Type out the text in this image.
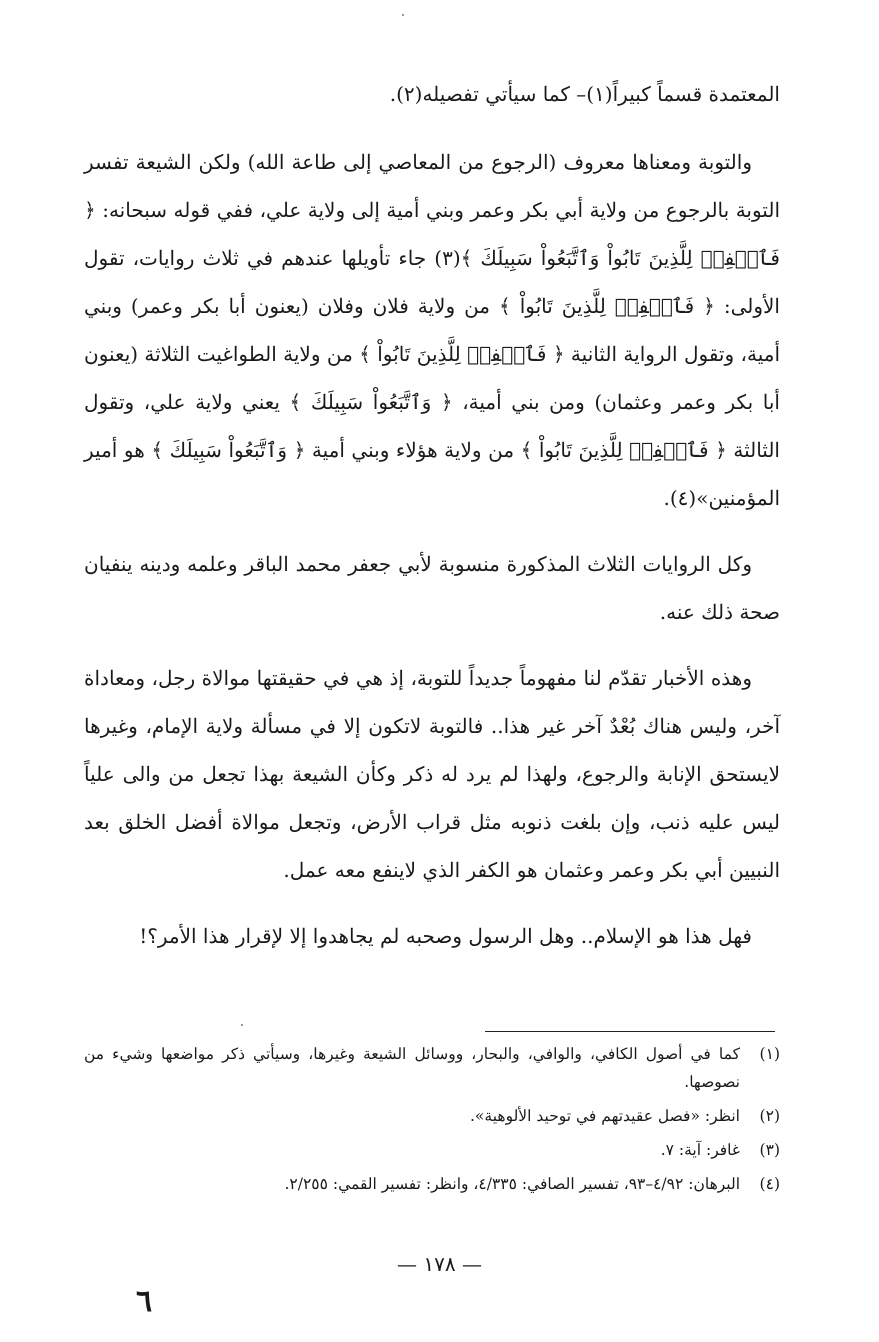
المعتمدة قسماً كبيراً(١)– كما سيأتي تفصيله(٢).

والتوبة ومعناها معروف (الرجوع من المعاصي إلى طاعة الله) ولكن الشيعة تفسر التوبة بالرجوع من ولاية أبي بكر وعمر وبني أمية إلى ولاية علي، ففي قوله سبحانه: ﴿ فَٱغۡفِرۡ لِلَّذِينَ تَابُواْ وَٱتَّبَعُواْ سَبِيلَكَ ﴾(٣) جاء تأويلها عندهم في ثلاث روايات، تقول الأولى: ﴿ فَٱغۡفِرۡ لِلَّذِينَ تَابُواْ ﴾ من ولاية فلان وفلان (يعنون أبا بكر وعمر) وبني أمية، وتقول الرواية الثانية ﴿ فَٱغۡفِرۡ لِلَّذِينَ تَابُواْ ﴾ من ولاية الطواغيت الثلاثة (يعنون أبا بكر وعمر وعثمان) ومن بني أمية، ﴿ وَٱتَّبَعُواْ سَبِيلَكَ ﴾ يعني ولاية علي، وتقول الثالثة ﴿ فَٱغۡفِرۡ لِلَّذِينَ تَابُواْ ﴾ من ولاية هؤلاء وبني أمية ﴿ وَٱتَّبَعُواْ سَبِيلَكَ ﴾ هو أمير المؤمنين»(٤).

وكل الروايات الثلاث المذكورة منسوبة لأبي جعفر محمد الباقر وعلمه ودينه ينفيان صحة ذلك عنه.

وهذه الأخبار تقدّم لنا مفهوماً جديداً للتوبة، إذ هي في حقيقتها موالاة رجل، ومعاداة آخر، وليس هناك بُعْدٌ آخر غير هذا.. فالتوبة لاتكون إلا في مسألة ولاية الإمام، وغيرها لايستحق الإنابة والرجوع، ولهذا لم يرد له ذكر وكأن الشيعة بهذا تجعل من والى علياً ليس عليه ذنب، وإن بلغت ذنوبه مثل قراب الأرض، وتجعل موالاة أفضل الخلق بعد النبيين أبي بكر وعمر وعثمان هو الكفر الذي لاينفع معه عمل.

فهل هذا هو الإسلام.. وهل الرسول وصحبه لم يجاهدوا إلا لإقرار هذا الأمر؟!

(١)
كما في أصول الكافي، والوافي، والبحار، ووسائل الشيعة وغيرها، وسيأتي ذكر مواضعها وشيء من نصوصها.
(٢)
انظر: «فصل عقيدتهم في توحيد الألوهية».
(٣)
غافر: آية: ٧.
(٤)
البرهان: ٤/٩٢–٩٣، تفسير الصافي: ٤/٣٣٥، وانظر: تفسير القمي: ٢/٢٥٥.
— ١٧٨ —
٦
